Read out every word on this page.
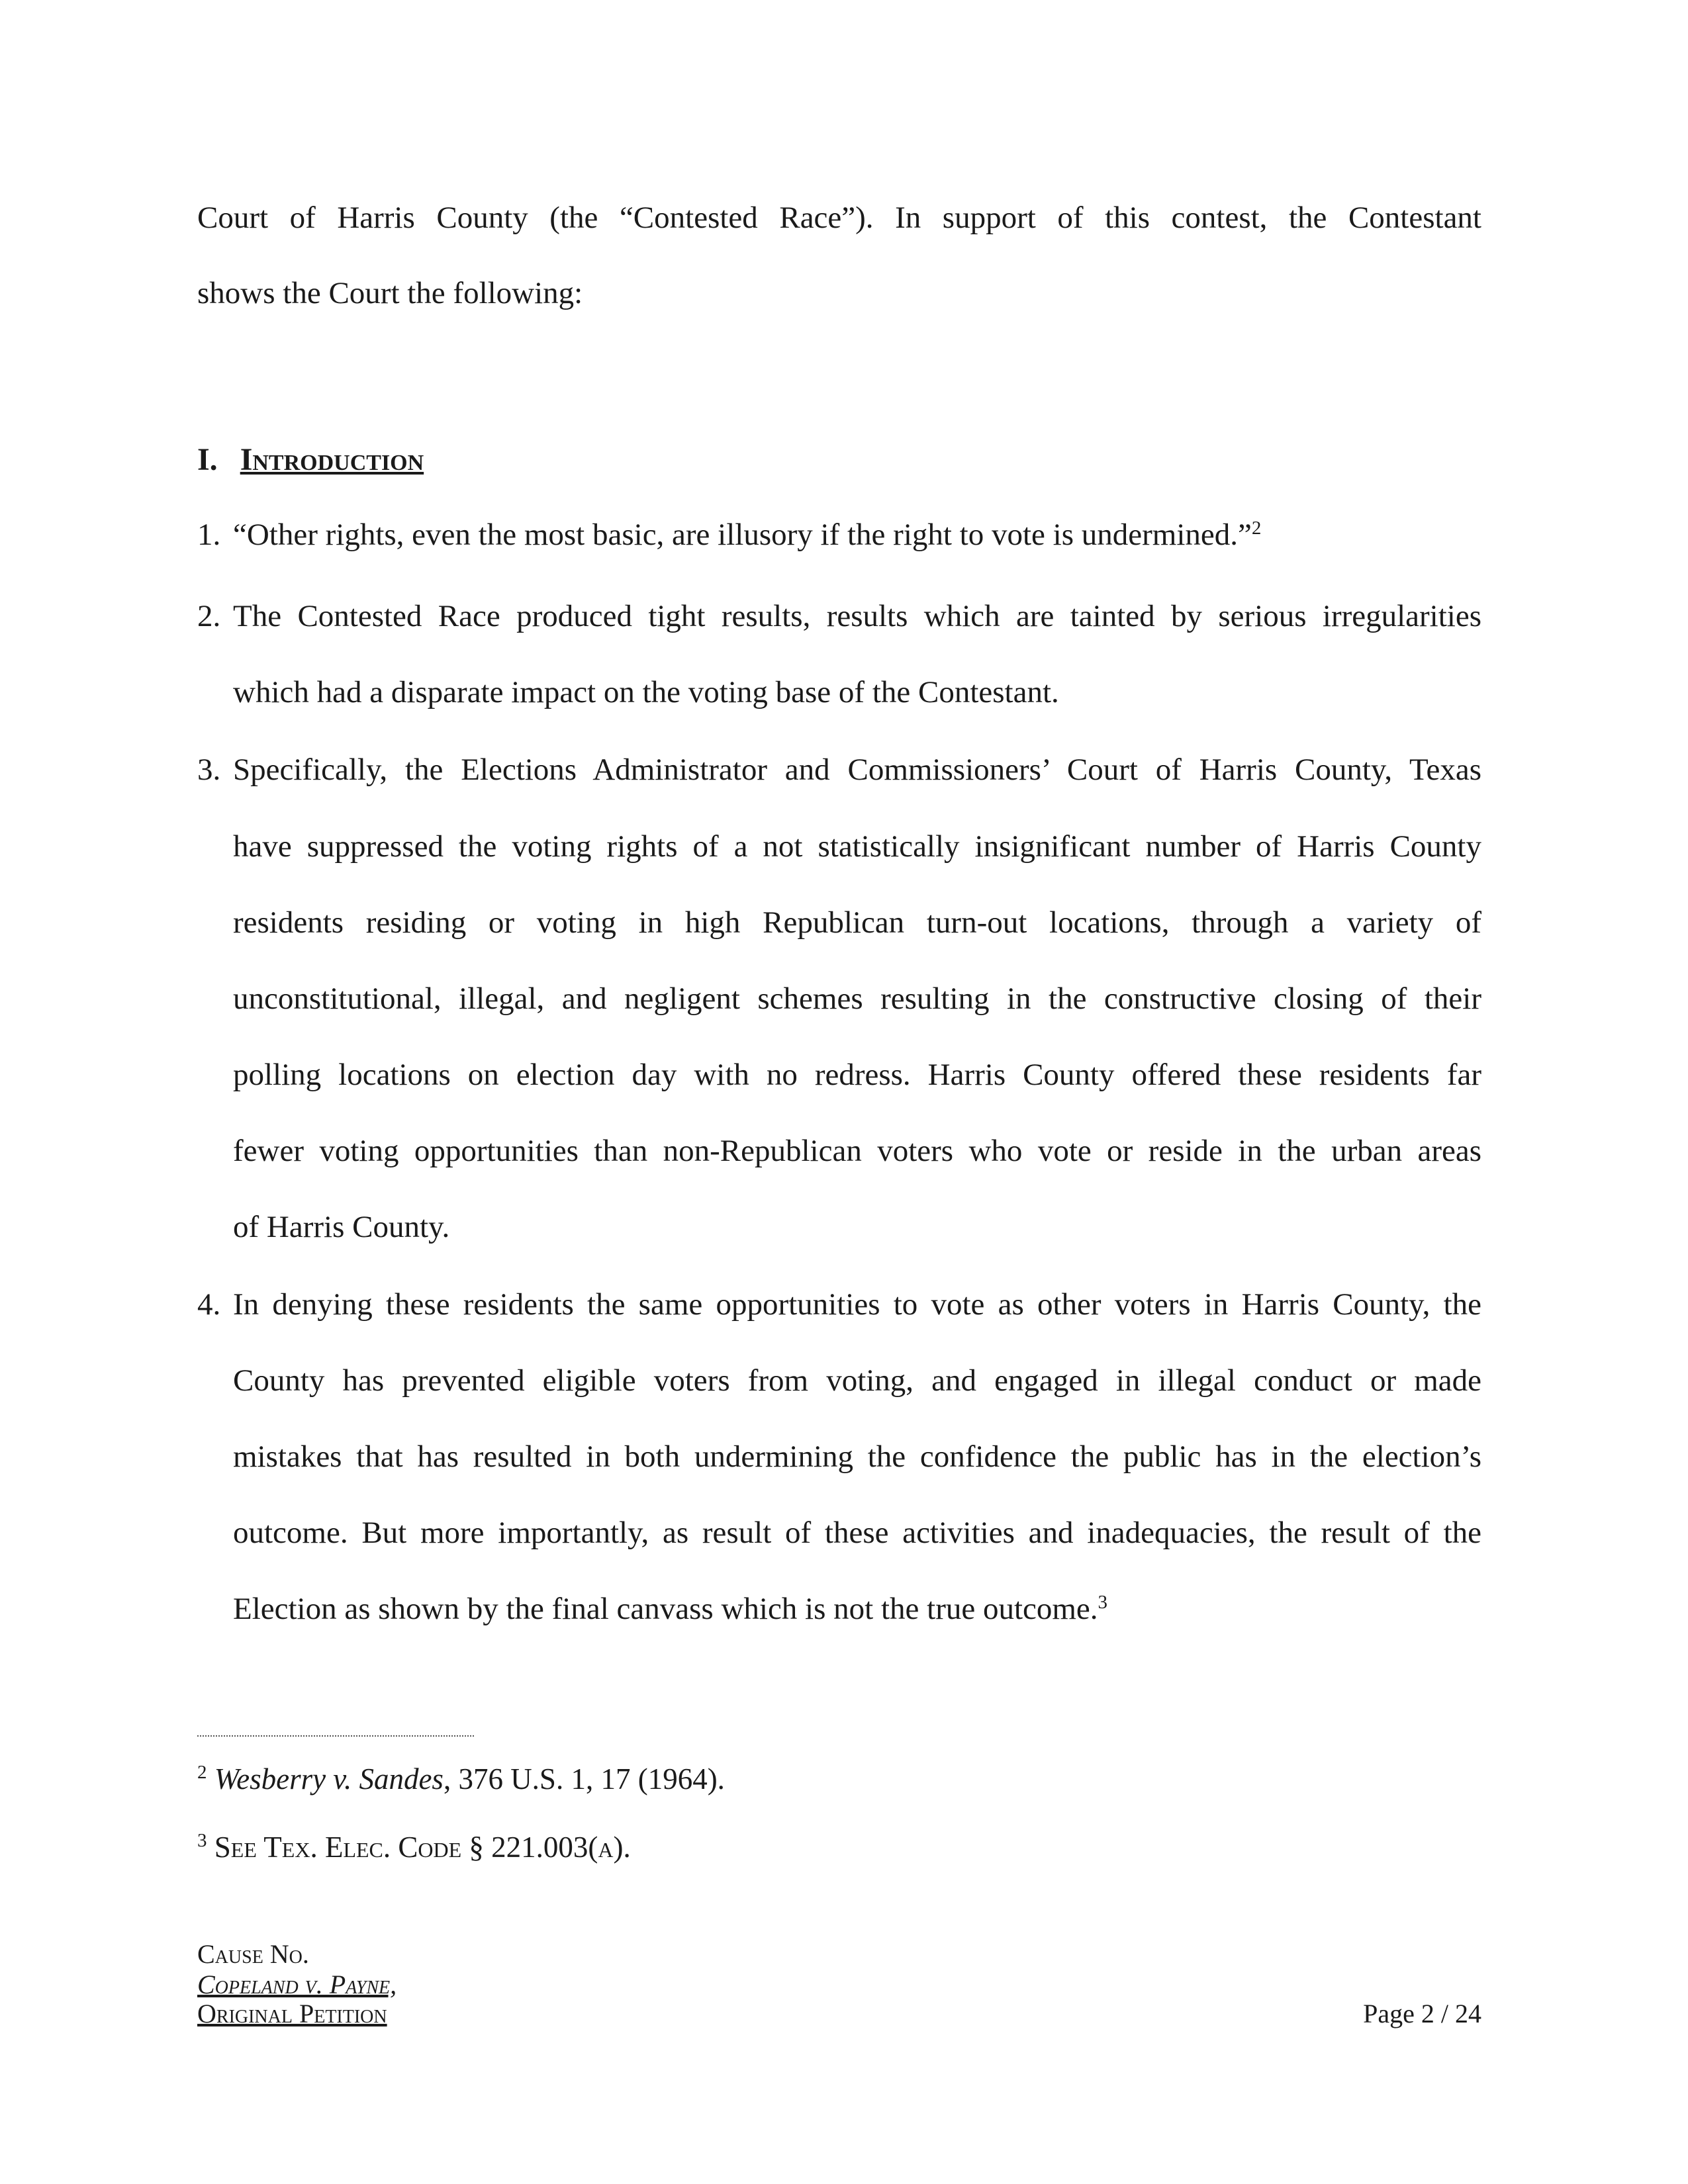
Court of Harris County (the “Contested Race”). In support of this contest, the Contestant
shows the Court the following:
I. Introduction
1. “Other rights, even the most basic, are illusory if the right to vote is undermined.”$^2$
2. The Contested Race produced tight results, results which are tainted by serious irregularities
which had a disparate impact on the voting base of the Contestant.
3. Specifically, the Elections Administrator and Commissioners’ Court of Harris County, Texas
have suppressed the voting rights of a not statistically insignificant number of Harris County
residents residing or voting in high Republican turn-out locations, through a variety of
unconstitutional, illegal, and negligent schemes resulting in the constructive closing of their
polling locations on election day with no redress. Harris County offered these residents far
fewer voting opportunities than non-Republican voters who vote or reside in the urban areas
of Harris County.
4. In denying these residents the same opportunities to vote as other voters in Harris County, the
County has prevented eligible voters from voting, and engaged in illegal conduct or made
mistakes that has resulted in both undermining the confidence the public has in the election’s
outcome. But more importantly, as result of these activities and inadequacies, the result of the
Election as shown by the final canvass which is not the true outcome.$^3$
$^2$ Wesberry v. Sandes, 376 U.S. 1, 17 (1964).
$^3$ See Tex. Elec. Code § 221.003(a).
Cause No.
Copeland v. Payne,
Original Petition	Page 2 / 24
